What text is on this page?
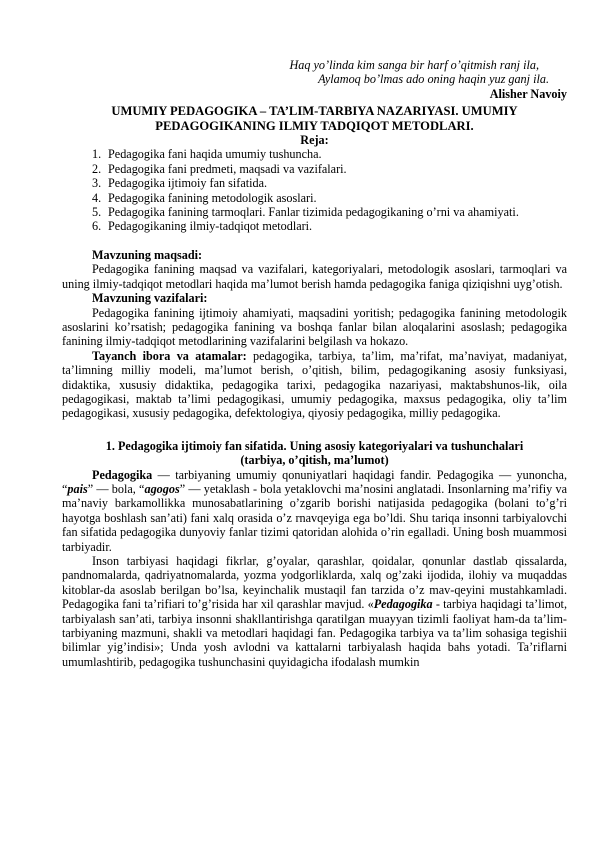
Haq yo’linda kim sanga bir harf o’qitmish ranj ila,
Aylamoq bo’lmas ado oning haqin yuz ganj ila.
Alisher Navoiy
UMUMIY PEDAGOGIKA – TA’LIM-TARBIYA NAZARIYASI. UMUMIY PEDAGOGIKANING ILMIY TADQIQOT METODLARI.
Reja:
1. Pedagogika fani haqida umumiy tushuncha.
2. Pedagogika fani predmeti, maqsadi va vazifalari.
3. Pedagogika ijtimoiy fan sifatida.
4. Pedagogika fanining metodologik asoslari.
5. Pedagogika fanining tarmoqlari. Fanlar tizimida pedagogikaning o’rni va ahamiyati.
6. Pedagogikaning ilmiy-tadqiqot metodlari.
Mavzuning maqsadi:

Pedagogika fanining maqsad va vazifalari, kategoriyalari, metodologik asoslari, tarmoqlari va uning ilmiy-tadqiqot metodlari haqida ma’lumot berish hamda pedagogika faniga qiziqishni uyg’otish.

Mavzuning vazifalari:

Pedagogika fanining ijtimoiy ahamiyati, maqsadini yoritish; pedagogika fanining metodologik asoslarini ko’rsatish; pedagogika fanining va boshqa fanlar bilan aloqalarini asoslash; pedagogika fanining ilmiy-tadqiqot metodlarining vazifalarini belgilash va hokazo.

Tayanch ibora va atamalar: pedagogika, tarbiya, ta’lim, ma’rifat, ma’naviyat, madaniyat, ta’limning milliy modeli, ma’lumot berish, o’qitish, bilim, pedagogikaning asosiy funksiyasi, didaktika, xususiy didaktika, pedagogika tarixi, pedagogika nazariyasi, maktabshunos-lik, oila pedagogikasi, maktab ta’limi pedagogikasi, umumiy pedagogika, maxsus pedagogika, oliy ta’lim pedagogikasi, xususiy pedagogika, defektologiya, qiyosiy pedagogika, milliy pedagogika.

1. Pedagogika ijtimoiy fan sifatida. Uning asosiy kategoriyalari va tushunchalari (tarbiya, o’qitish, ma’lumot)

Pedagogika — tarbiyaning umumiy qonuniyatlari haqidagi fandir. Pedagogika — yunoncha, “pais” — bola, “agogos” — yetaklash - bola yetaklovchi ma’nosini anglatadi. Insonlarning ma’rifiy va ma’naviy barkamollikka munosabatlarining o’zgarib borishi natijasida pedagogika (bolani to’g’ri hayotga boshlash san’ati) fani xalq orasida o’z rnavqeyiga ega bo’ldi. Shu tariqa insonni tarbiyalovchi fan sifatida pedagogika dunyoviy fanlar tizimi qatoridan alohida o’rin egalladi. Uning bosh muammosi tarbiyadir.

Inson tarbiyasi haqidagi fikrlar, g’oyalar, qarashlar, qoidalar, qonunlar dastlab qissalarda, pandnomalarda, qadriyatnomalarda, yozma yodgorliklarda, xalq og’zaki ijodida, ilohiy va muqaddas kitoblar-da asoslab berilgan bo’lsa, keyinchalik mustaqil fan tarzida o’z mav-qeyini mustahkamladi. Pedagogika fani ta’rifiari to’g’risida har xil qarashlar mavjud. «Pedagogika - tarbiya haqidagi ta’limot, tarbiyalash san’ati, tarbiya insonni shakllantirishga qaratilgan muayyan tizimli faoliyat ham-da ta’lim-tarbiyaning mazmuni, shakli va metodlari haqidagi fan. Pedagogika tarbiya va ta’lim sohasiga tegishii bilimlar yig’indisi»; Unda yosh avlodni va kattalarni tarbiyalash haqida bahs yotadi. Ta’riflarni umumlashtirib, pedagogika tushunchasini quyidagicha ifodalash mumkin
